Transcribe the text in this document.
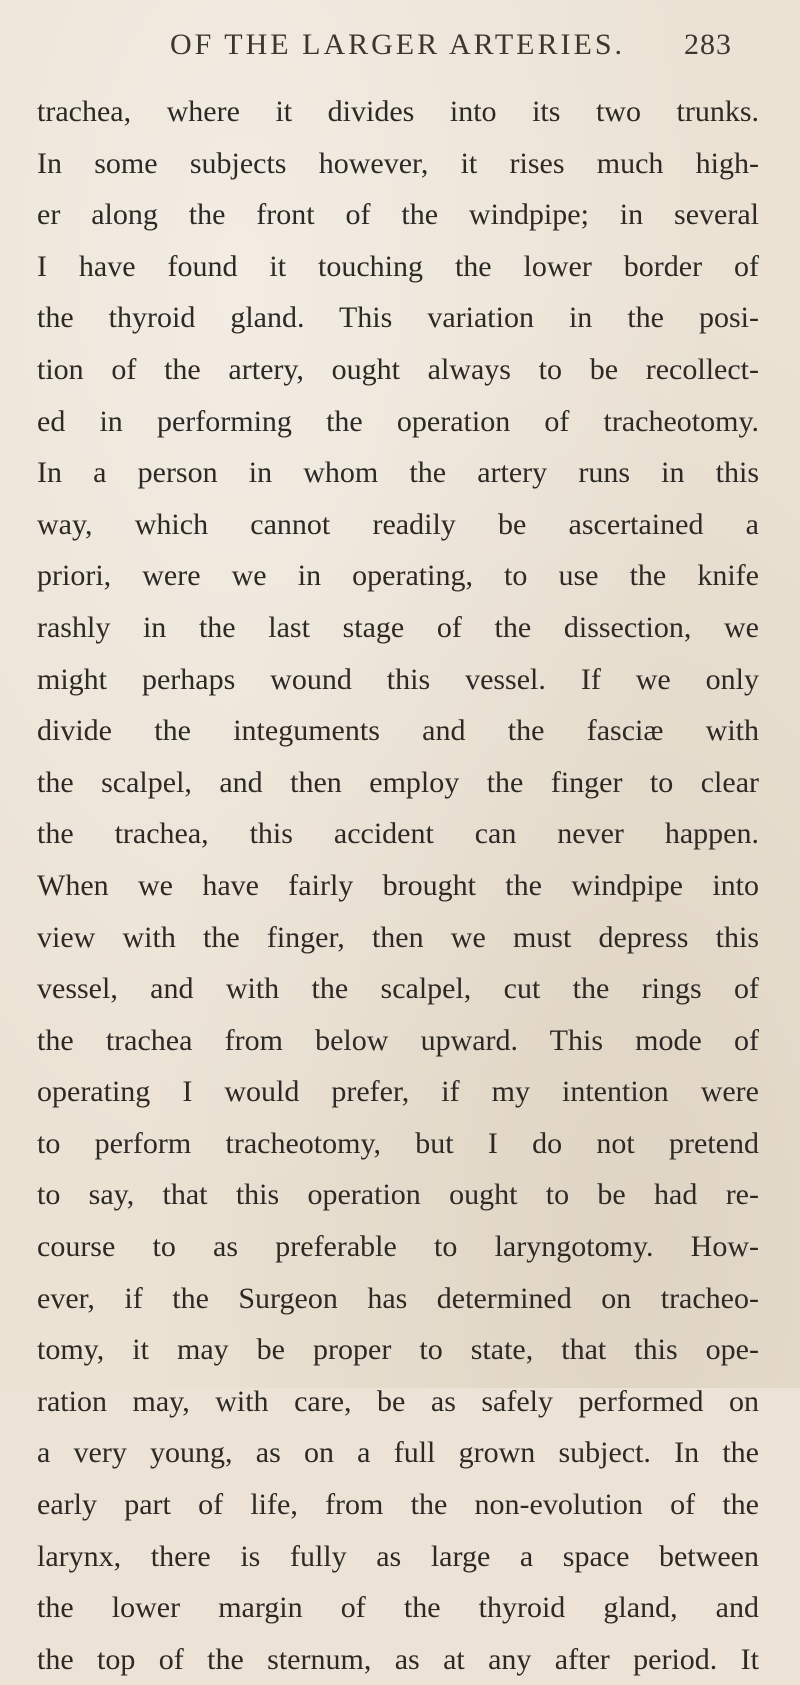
OF THE LARGER ARTERIES. 283
trachea, where it divides into its two trunks.
In some subjects however, it rises much high-
er along the front of the windpipe; in several
I have found it touching the lower border of
the thyroid gland. This variation in the posi-
tion of the artery, ought always to be recollect-
ed in performing the operation of tracheotomy.
In a person in whom the artery runs in this
way, which cannot readily be ascertained a
priori, were we in operating, to use the knife
rashly in the last stage of the dissection, we
might perhaps wound this vessel. If we only
divide the integuments and the fasciæ with
the scalpel, and then employ the finger to clear
the trachea, this accident can never happen.
When we have fairly brought the windpipe into
view with the finger, then we must depress this
vessel, and with the scalpel, cut the rings of
the trachea from below upward. This mode of
operating I would prefer, if my intention were
to perform tracheotomy, but I do not pretend
to say, that this operation ought to be had re-
course to as preferable to laryngotomy. How-
ever, if the Surgeon has determined on tracheo-
tomy, it may be proper to state, that this ope-
ration may, with care, be as safely performed on
a very young, as on a full grown subject. In the
early part of life, from the non-evolution of the
larynx, there is fully as large a space between
the lower margin of the thyroid gland, and
the top of the sternum, as at any after period. It
